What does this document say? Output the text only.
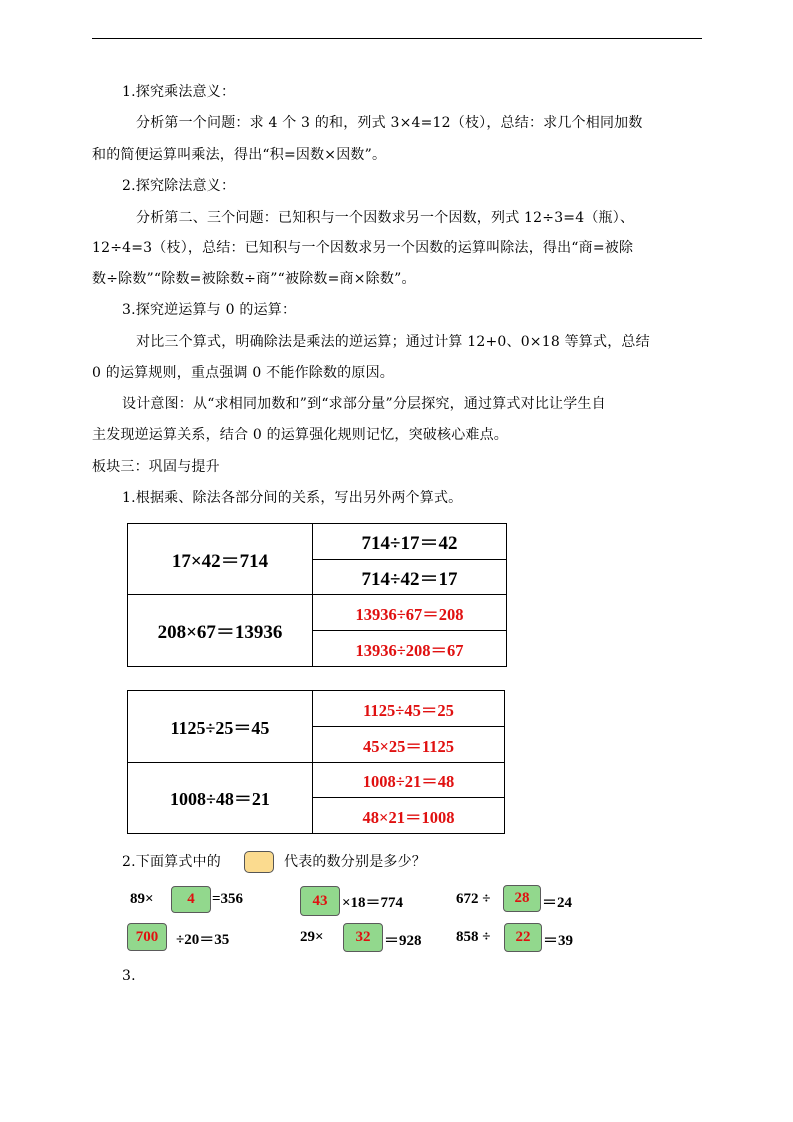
1.探究乘法意义：
分析第一个问题：求 4 个 3 的和，列式 3×4=12（枝），总结：求几个相同加数
和的简便运算叫乘法，得出“积=因数×因数”。
2.探究除法意义：
分析第二、三个问题：已知积与一个因数求另一个因数，列式 12÷3=4（瓶）、
12÷4=3（枝），总结：已知积与一个因数求另一个因数的运算叫除法，得出“商=被除
数÷除数”“除数=被除数÷商”“被除数=商×除数”。
3.探究逆运算与 0 的运算：
对比三个算式，明确除法是乘法的逆运算；通过计算 12+0、0×18 等算式，总结
0 的运算规则，重点强调 0 不能作除数的原因。
设计意图：从“求相同加数和”到“求部分量”分层探究，通过算式对比让学生自
主发现逆运算关系，结合 0 的运算强化规则记忆，突破核心难点。
板块三：巩固与提升
1.根据乘、除法各部分间的关系，写出另外两个算式。
17×42＝714	714÷17＝42
	714÷42＝17
208×67＝13936	13936÷67＝208
	13936÷208＝67
1125÷25＝45	1125÷45＝25
	45×25＝1125
1008÷48＝21	1008÷21＝48
	48×21＝1008
2.下面算式中的	代表的数分别是多少？
89×	4	=356	43 ×18＝774	672 ÷	28 ＝24
700	÷20＝35	29×	32 ＝928 858 ÷	22 ＝39
3.
